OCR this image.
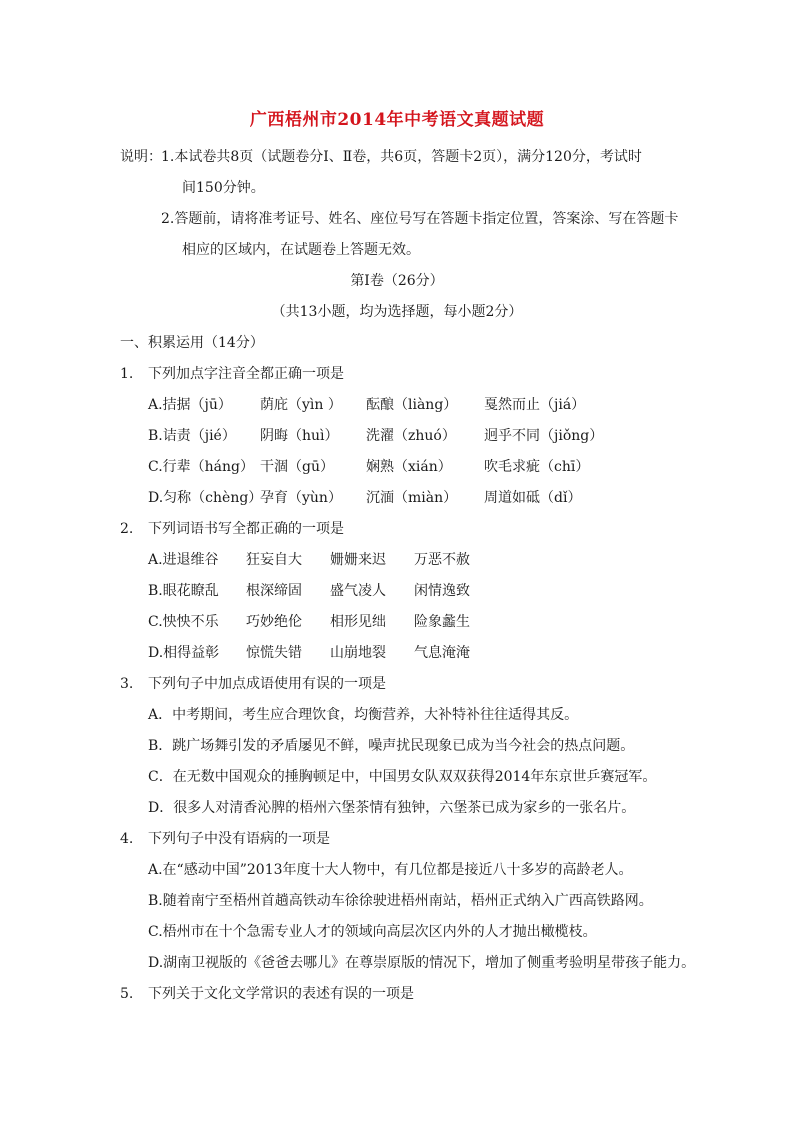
广西梧州市2014年中考语文真题试题
说明： 1.本试卷共8页（试题卷分Ⅰ、Ⅱ卷，共6页，答题卡2页），满分120分，考试时
间150分钟。
2.答题前，请将准考证号、姓名、座位号写在答题卡指定位置，答案涂、写在答题卡
相应的区域内，在试题卷上答题无效。
第Ⅰ卷（26分）
（共13小题，均为选择题，每小题2分）
一、积累运用（14分）
1. 下列加点字注音全都正确一项是
A.拮据（jū） 荫庇（yìn ） 酝酿（liàng） 戛然而止（jiá）
B.诘责（jié） 阴晦（huì） 洗濯（zhuó） 迥乎不同（jiǒng）
C.行辈（háng） 干涸（gū） 娴熟（xián） 吹毛求疵（chī）
D.匀称（chèng）
孕育（yùn） 沉湎（miàn） 周道如砥（dǐ）
2. 下列词语书写全都正确的一项是
A.进退维谷 狂妄自大 姗姗来迟 万恶不赦
B.眼花瞭乱 根深缔固 盛气凌人 闲情逸致
C.怏怏不乐 巧妙绝伦 相形见绌 险象蠡生
D.相得益彰 惊慌失错 山崩地裂 气息淹淹
3. 下列句子中加点成语使用有误的一项是
A．中考期间，考生应合理饮食，均衡营养，大补特补往往适得其反。
B．跳广场舞引发的矛盾屡见不鲜，噪声扰民现象已成为当今社会的热点问题。
C．在无数中国观众的捶胸顿足中，中国男女队双双获得2014年东京世乒赛冠军。
D．很多人对清香沁脾的梧州六堡茶情有独钟，六堡茶已成为家乡的一张名片。
4. 下列句子中没有语病的一项是
A.在“感动中国”2013年度十大人物中，有几位都是接近八十多岁的高龄老人。
B.随着南宁至梧州首趟高铁动车徐徐驶进梧州南站，梧州正式纳入广西高铁路网。
C.梧州市在十个急需专业人才的领域向高层次区内外的人才抛出橄榄枝。
D.湖南卫视版的《爸爸去哪儿》在尊崇原版的情况下，增加了侧重考验明星带孩子能力。
5. 下列关于文化文学常识的表述有误的一项是
